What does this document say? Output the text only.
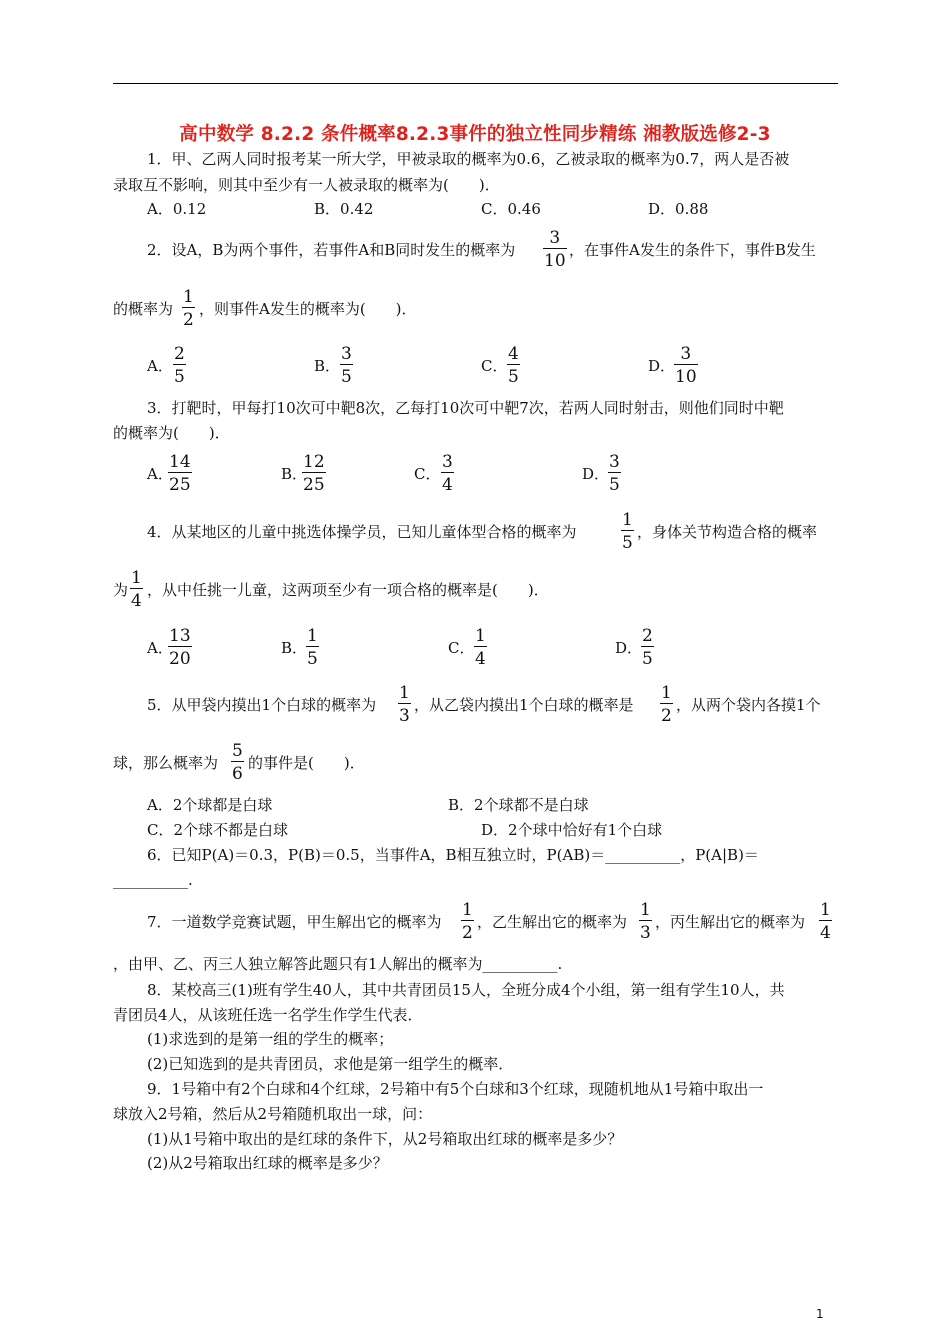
高中数学 8.2.2 条件概率8.2.3事件的独立性同步精练 湘教版选修2-3
1．甲、乙两人同时报考某一所大学，甲被录取的概率为0.6，乙被录取的概率为0.7，两人是否被
录取互不影响，则其中至少有一人被录取的概率为(　　)．
A．0.12	B．0.42	C．0.46	D．0.88
2．设A，B为两个事件，若事件A和B同时发生的概率为 $\frac{3}{10}$ ，在事件A发生的条件下，事件B发生
的概率为 $\frac{1}{2}$ ，则事件A发生的概率为(　　)．
A． $\frac{2}{5}$	B． $\frac{3}{5}$	C． $\frac{4}{5}$	D．
$\frac{3}{10}$
3．打靶时，甲每打10次可中靶8次，乙每打10次可中靶7次，若两人同时射击，则他们同时中靶
的概率为(　　)．
A．
$\frac{14}{25}$	B．
$\frac{12}{25}$	C． $\frac{3}{4}$	D．
$\frac{3}{5}$
4．从某地区的儿童中挑选体操学员，已知儿童体型合格的概率为	$\frac{1}{5}$ ，身体关节构造合格的概率
为 $\frac{1}{4}$ ，从中任挑一儿童，这两项至少有一项合格的概率是(　　)．
A．
$\frac{13}{20}$	B．
$\frac{1}{5}$	C． $\frac{1}{4}$	D．
$\frac{2}{5}$
5．从甲袋内摸出1个白球的概率为 $\frac{1}{3}$ ，从乙袋内摸出1个白球的概率是 $\frac{1}{2}$ ，从两个袋内各摸1个
球，那么概率为 $\frac{5}{6}$ 的事件是(　　)．
A．2个球都是白球	B．2个球都不是白球
C．2个球不都是白球	D．2个球中恰好有1个白球
6．已知P(A)＝0.3，P(B)＝0.5，当事件A，B相互独立时，P(AB)＝__________，P(A|B)＝
__________.
7．一道数学竞赛试题，甲生解出它的概率为 $\frac{1}{2}$ ，乙生解出它的概率为 $\frac{1}{3}$ ，丙生解出它的概率为 $\frac{1}{4}$
，由甲、乙、丙三人独立解答此题只有1人解出的概率为__________.
8．某校高三(1)班有学生40人，其中共青团员15人，全班分成4个小组，第一组有学生10人，共
青团员4人，从该班任选一名学生作学生代表．
(1)求选到的是第一组的学生的概率；
(2)已知选到的是共青团员，求他是第一组学生的概率．
9．1号箱中有2个白球和4个红球，2号箱中有5个白球和3个红球，现随机地从1号箱中取出一
球放入2号箱，然后从2号箱随机取出一球，问：
(1)从1号箱中取出的是红球的条件下，从2号箱取出红球的概率是多少？
(2)从2号箱取出红球的概率是多少？
1
